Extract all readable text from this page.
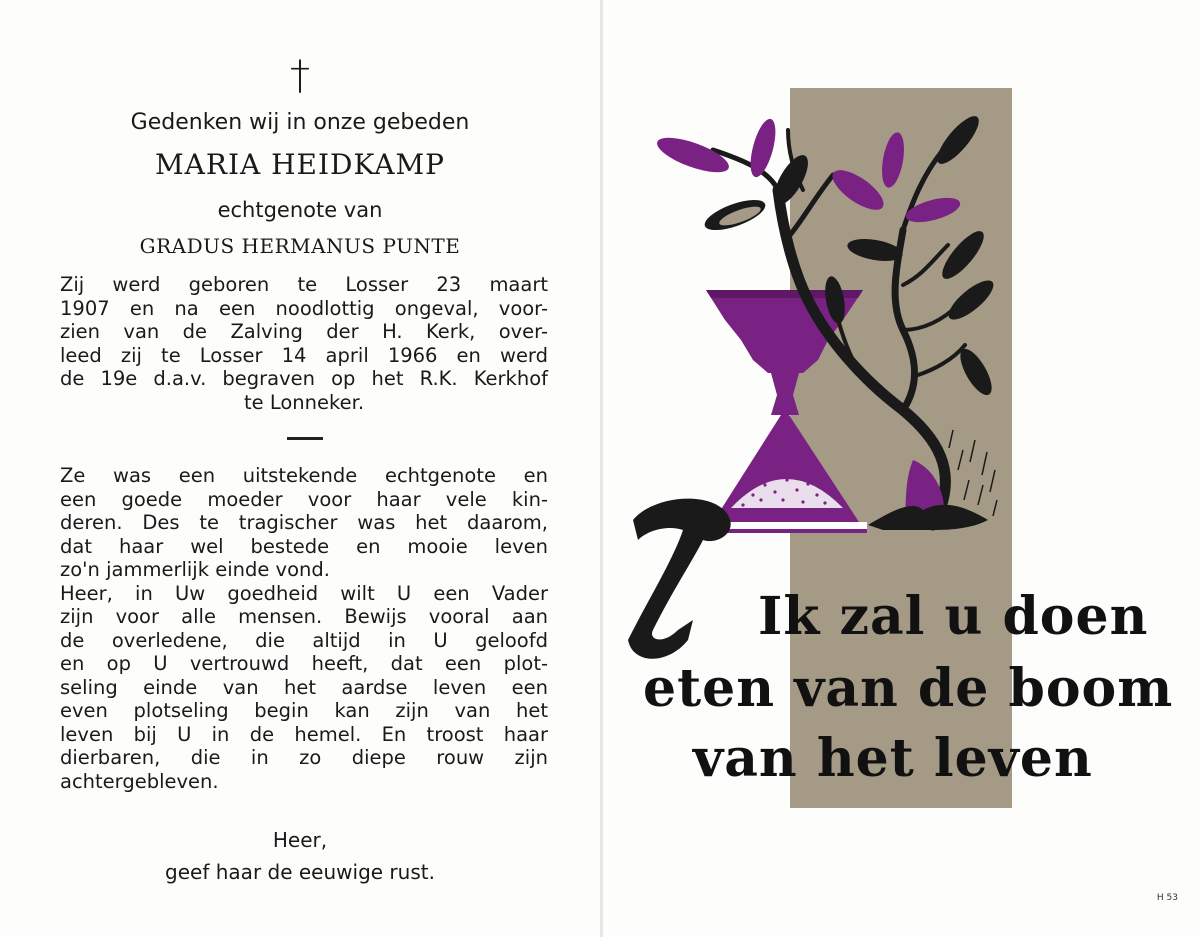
†
Gedenken wij in onze gebeden
MARIA HEIDKAMP
echtgenote van
GRADUS HERMANUS PUNTE
Zij werd geboren te Losser 23 maart
1907 en na een noodlottig ongeval, voor-
zien van de Zalving der H. Kerk, over-
leed zij te Losser 14 april 1966 en werd
de 19e d.a.v. begraven op het R.K. Kerkhof
te Lonneker.
Ze was een uitstekende echtgenote en
een goede moeder voor haar vele kin-
deren. Des te tragischer was het daarom,
dat haar wel bestede en mooie leven
zo'n jammerlijk einde vond.
Heer, in Uw goedheid wilt U een Vader
zijn voor alle mensen. Bewijs vooral aan
de overledene, die altijd in U geloofd
en op U vertrouwd heeft, dat een plot-
seling einde van het aardse leven een
even plotseling begin kan zijn van het
leven bij U in de hemel. En troost haar
dierbaren, die in zo diepe rouw zijn
achtergebleven.
Heer,
geef haar de eeuwige rust.
Ik zal u doen
eten van de boom
van het leven
H 53
